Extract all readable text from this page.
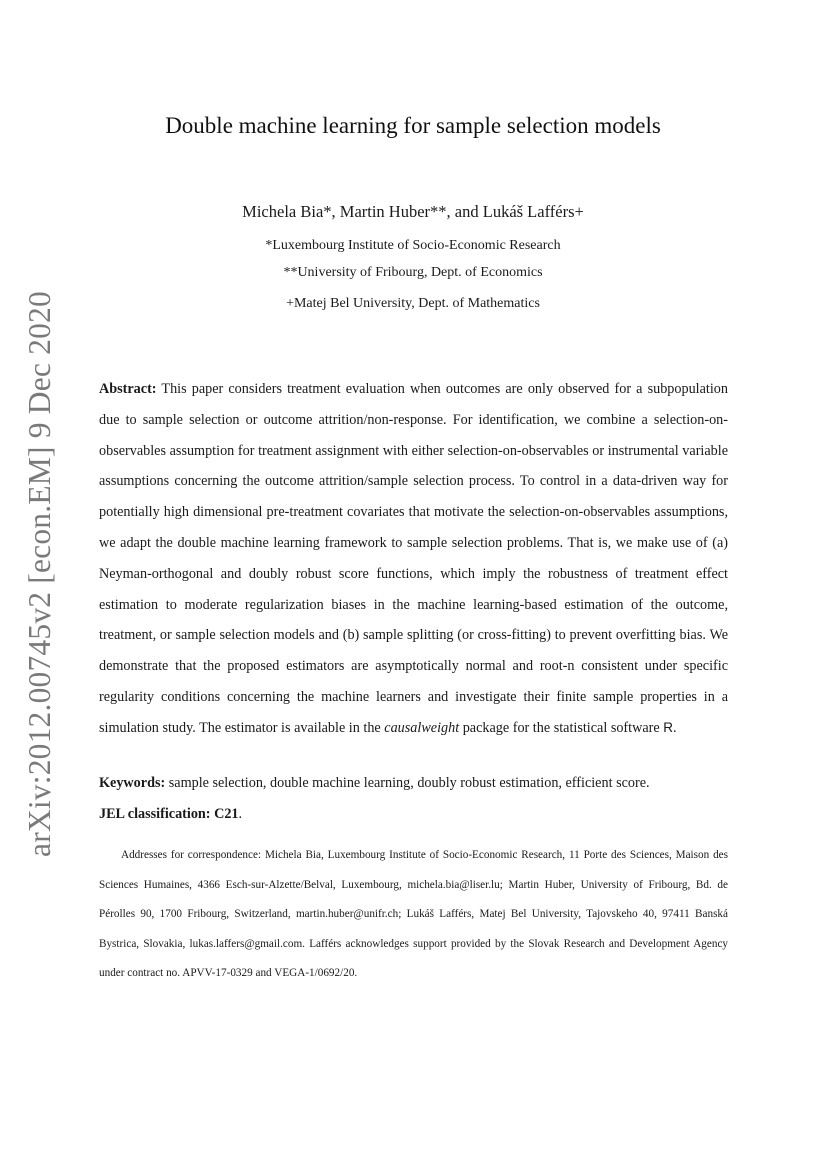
arXiv:2012.00745v2 [econ.EM] 9 Dec 2020
Double machine learning for sample selection models
Michela Bia*, Martin Huber**, and Lukáš Lafférs+
*Luxembourg Institute of Socio-Economic Research
**University of Fribourg, Dept. of Economics
+Matej Bel University, Dept. of Mathematics

Abstract: This paper considers treatment evaluation when outcomes are only observed for a subpopulation due to sample selection or outcome attrition/non-response. For identification, we combine a selection-on-observables assumption for treatment assignment with either selection-on-observables or instrumental variable assumptions concerning the outcome attrition/sample selection process. To control in a data-driven way for potentially high dimensional pre-treatment covariates that motivate the selection-on-observables assumptions, we adapt the double machine learning framework to sample selection problems. That is, we make use of (a) Neyman-orthogonal and doubly robust score functions, which imply the robustness of treatment effect estimation to moderate regularization biases in the machine learning-based estimation of the outcome, treatment, or sample selection models and (b) sample splitting (or cross-fitting) to prevent overfitting bias. We demonstrate that the proposed estimators are asymptotically normal and root-n consistent under specific regularity conditions concerning the machine learners and investigate their finite sample properties in a simulation study. The estimator is available in the causalweight package for the statistical software R.

Keywords: sample selection, double machine learning, doubly robust estimation, efficient score.
JEL classification: C21.

Addresses for correspondence: Michela Bia, Luxembourg Institute of Socio-Economic Research, 11 Porte des Sciences, Maison des Sciences Humaines, 4366 Esch-sur-Alzette/Belval, Luxembourg, michela.bia@liser.lu; Martin Huber, University of Fribourg, Bd. de Pérolles 90, 1700 Fribourg, Switzerland, martin.huber@unifr.ch; Lukáš Lafférs, Matej Bel University, Tajovskeho 40, 97411 Banská Bystrica, Slovakia, lukas.laffers@gmail.com. Lafférs acknowledges support provided by the Slovak Research and Development Agency under contract no. APVV-17-0329 and VEGA-1/0692/20.
